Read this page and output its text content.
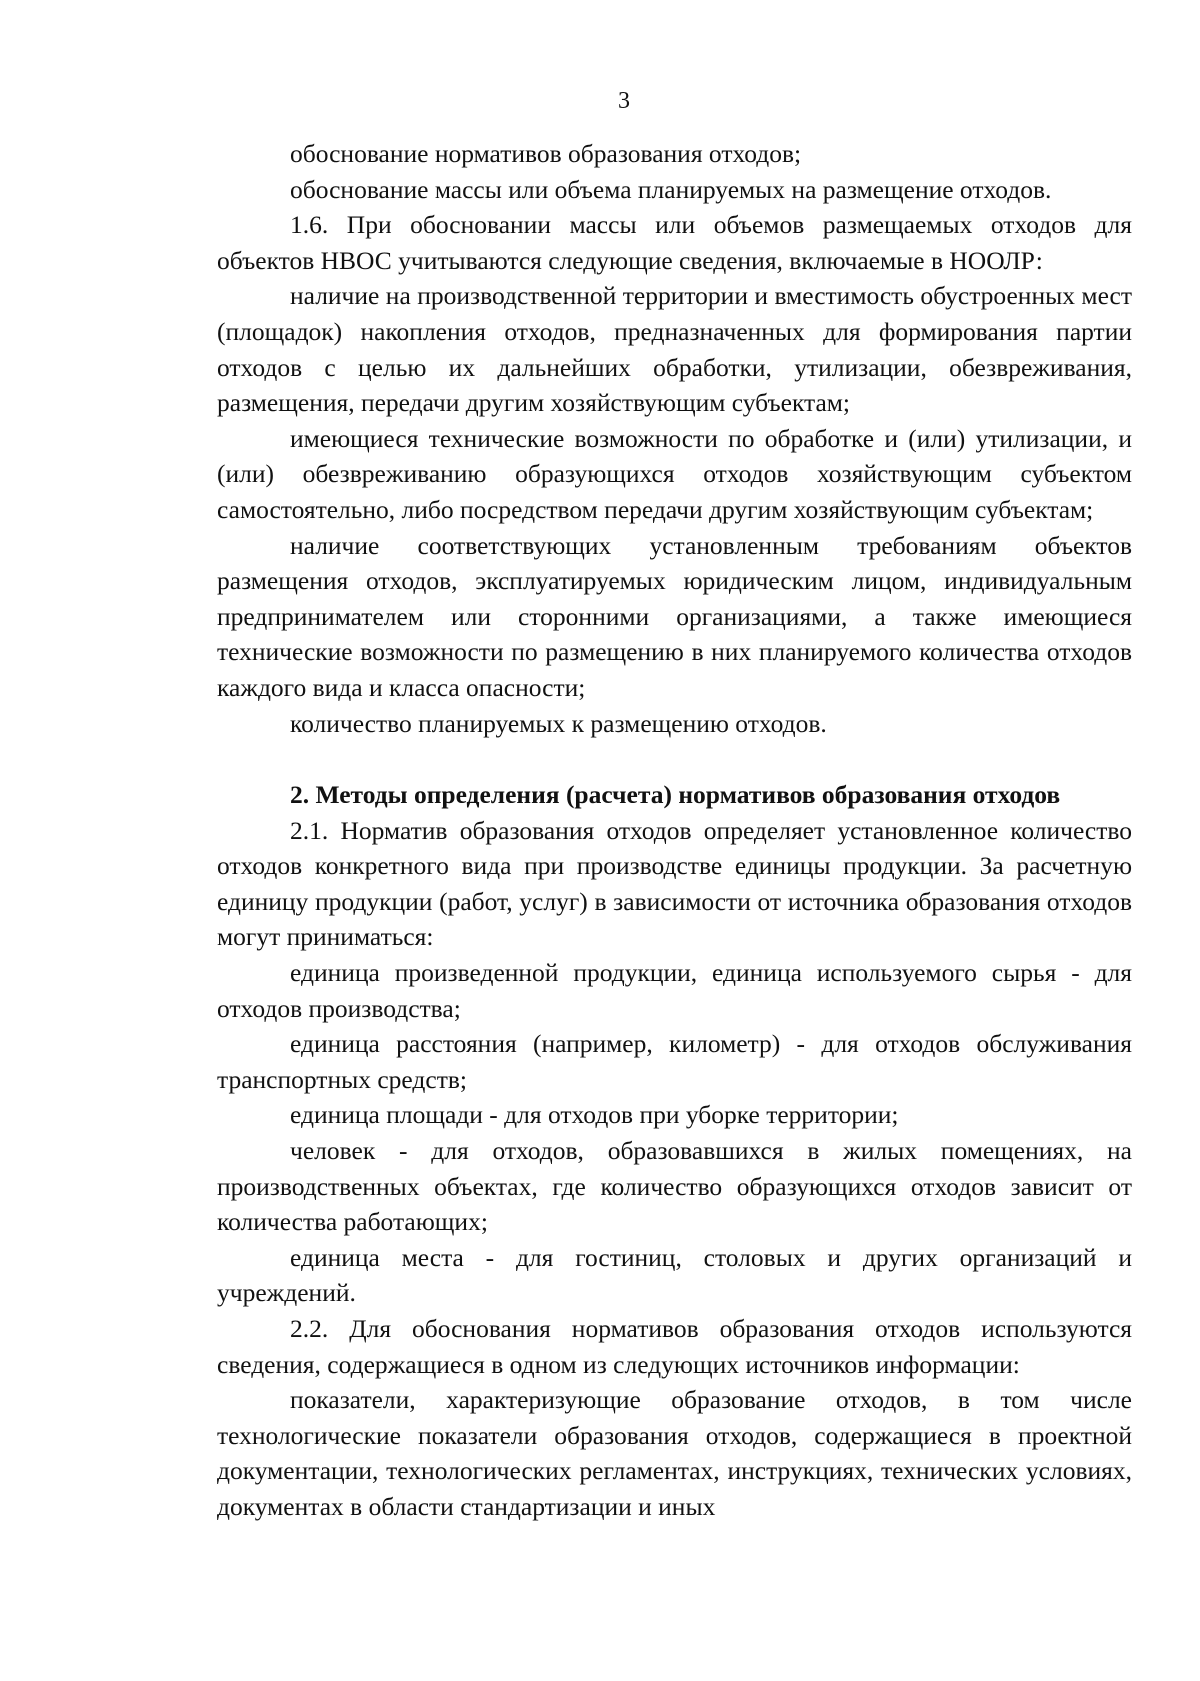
3

обоснование нормативов образования отходов;

обоснование массы или объема планируемых на размещение отходов.

1.6. При обосновании массы или объемов размещаемых отходов для объектов НВОС учитываются следующие сведения, включаемые в НООЛР:

наличие на производственной территории и вместимость обустроенных мест (площадок) накопления отходов, предназначенных для формирования партии отходов с целью их дальнейших обработки, утилизации, обезвреживания, размещения, передачи другим хозяйствующим субъектам;

имеющиеся технические возможности по обработке и (или) утилизации, и (или) обезвреживанию образующихся отходов хозяйствующим субъектом самостоятельно, либо посредством передачи другим хозяйствующим субъектам;

наличие соответствующих установленным требованиям объектов размещения отходов, эксплуатируемых юридическим лицом, индивидуальным предпринимателем или сторонними организациями, а также имеющиеся технические возможности по размещению в них планируемого количества отходов каждого вида и класса опасности;

количество планируемых к размещению отходов.

2. Методы определения (расчета) нормативов образования отходов

2.1. Норматив образования отходов определяет установленное количество отходов конкретного вида при производстве единицы продукции. За расчетную единицу продукции (работ, услуг) в зависимости от источника образования отходов могут приниматься:

единица произведенной продукции, единица используемого сырья - для отходов производства;

единица расстояния (например, километр) - для отходов обслуживания транспортных средств;

единица площади - для отходов при уборке территории;

человек - для отходов, образовавшихся в жилых помещениях, на производственных объектах, где количество образующихся отходов зависит от количества работающих;

единица места - для гостиниц, столовых и других организаций и учреждений.

2.2. Для обоснования нормативов образования отходов используются сведения, содержащиеся в одном из следующих источников информации:

показатели, характеризующие образование отходов, в том числе технологические показатели образования отходов, содержащиеся в проектной документации, технологических регламентах, инструкциях, технических условиях, документах в области стандартизации и иных
